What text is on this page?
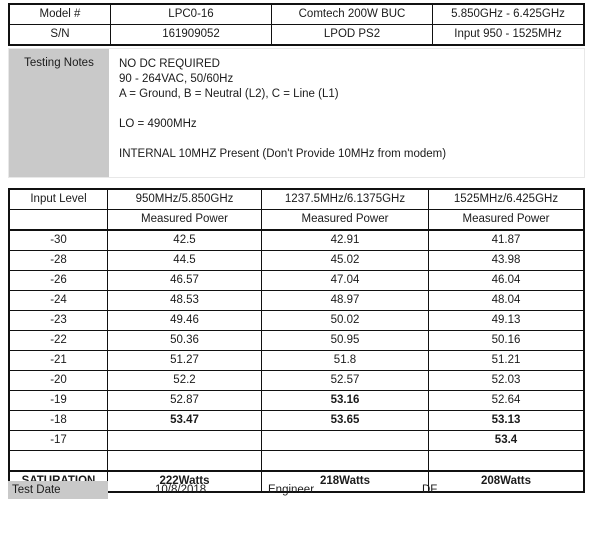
Model #	LPC0-16	Comtech 200W BUC	5.850GHz - 6.425GHz
S/N	161909052	LPOD PS2	Input 950 - 1525MHz
Testing Notes	NO DC REQUIRED
90 - 264VAC, 50/60Hz
A = Ground, B = Neutral (L2), C = Line (L1)

LO = 4900MHz

INTERNAL 10MHZ Present (Don't Provide 10MHz from modem)
Input Level	950MHz/5.850GHz	1237.5MHz/6.1375GHz	1525MHz/6.425GHz
	Measured Power	Measured Power	Measured Power
-30	42.5	42.91	41.87
-28	44.5	45.02	43.98
-26	46.57	47.04	46.04
-24	48.53	48.97	48.04
-23	49.46	50.02	49.13
-22	50.36	50.95	50.16
-21	51.27	51.8	51.21
-20	52.2	52.57	52.03
-19	52.87	53.16	52.64
-18	53.47	53.65	53.13
-17			53.4

	222Watts	218Watts	208Watts
Test Date	10/8/2018	Engineer	DF
